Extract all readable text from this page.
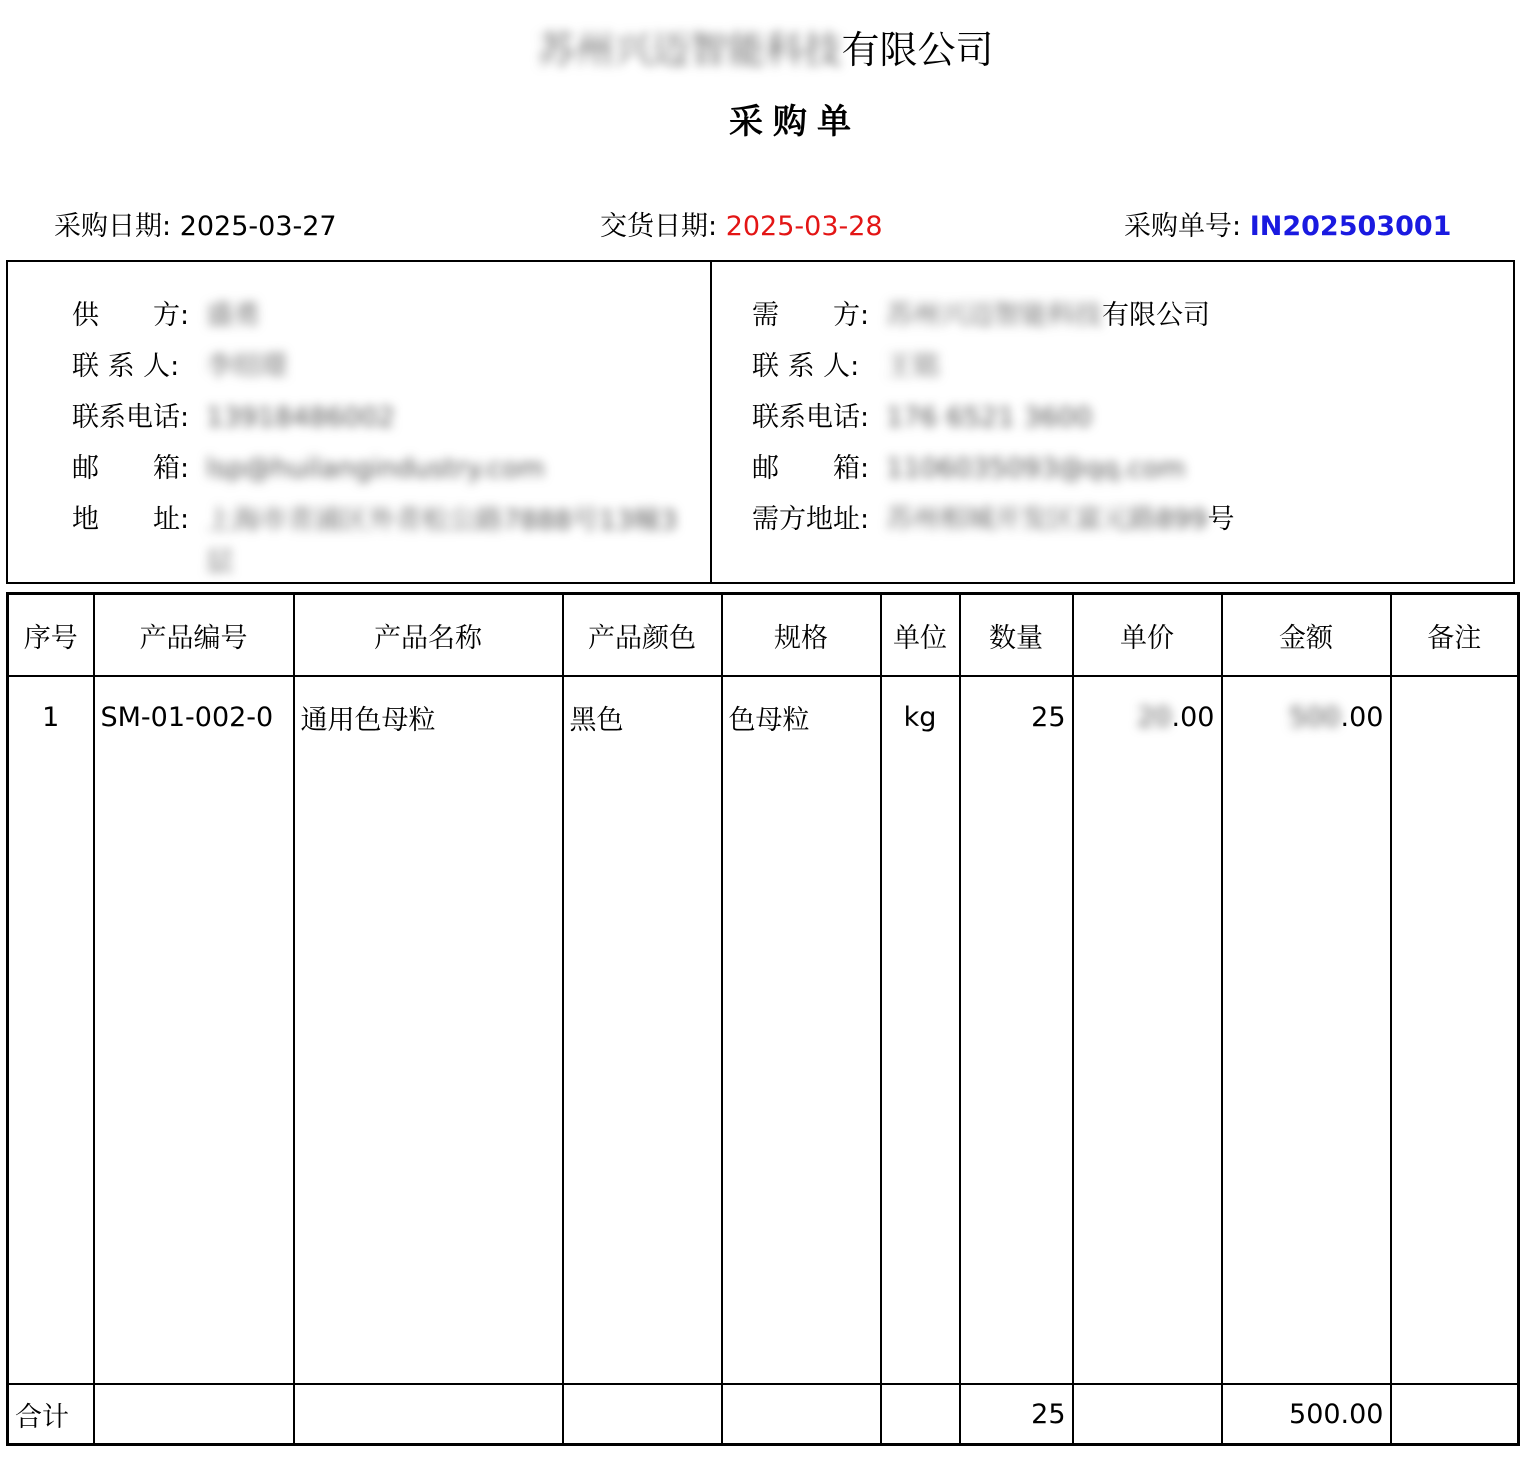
苏州兴迈智能科技有限公司
采购单
采购日期: 2025-03-27	交货日期: 2025-03-28	采购单号: IN202503001
供　　方: 盛勇
联 系 人: 李绍璟
联系电话: 13918486002
邮　　箱: lsp@huilangindustry.com
地　　址: 上海市青浦区外青松公路7888号13幢3层
需　　方: 苏州兴迈智能科技有限公司
联 系 人: 王铭
联系电话: 176 6521 3600
邮　　箱: 1106035093@qq.com
需方地址: 苏州相城开发区富元路899号
序号	产品编号	产品名称	产品颜色	规格	单位	数量	单价	金额	备注
1	SM-01-002-0	通用色母粒	黑色	色母粒	kg	25	20.00	500.00	

合计						25		500.00	
